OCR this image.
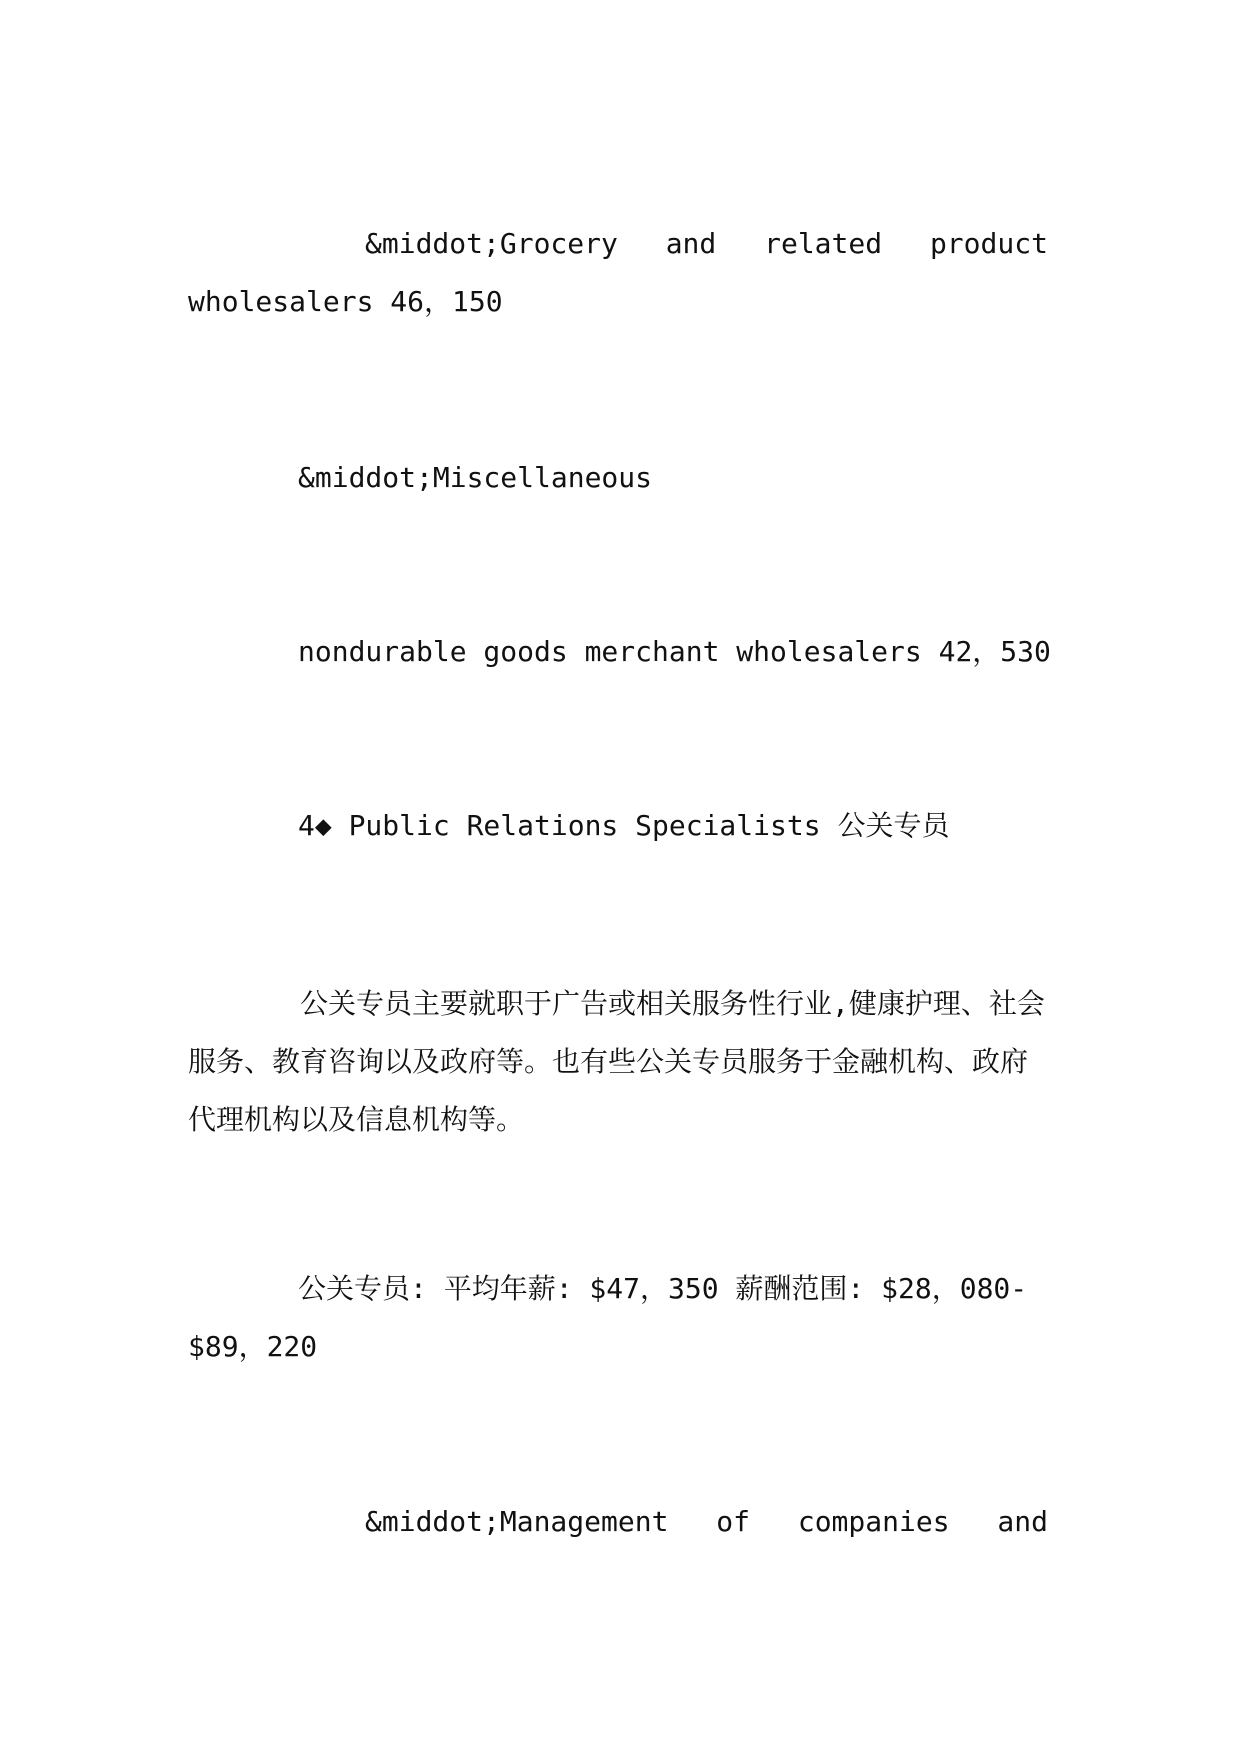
&middot;Grocery and related product
wholesalers 46，150
&middot;Miscellaneous
nondurable goods merchant wholesalers 42，530
4◆ Public Relations Specialists 公关专员
公关专员主要就职于广告或相关服务性行业,健康护理、社会服务、教育咨询以及政府等。也有些公关专员服务于金融机构、政府代理机构以及信息机构等。
公关专员: 平均年薪: $47，350 薪酬范围: $28，080-
$89，220
&middot;Management of companies and
